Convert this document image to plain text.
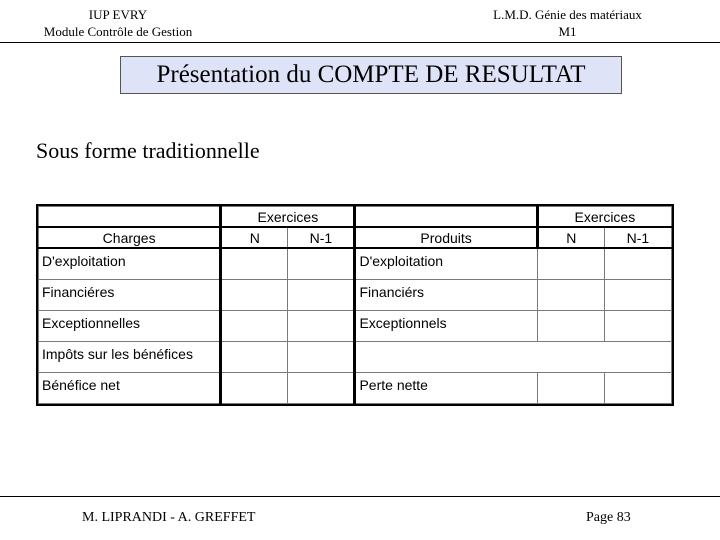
IUP EVRY
Module Contrôle de Gestion
L.M.D. Génie des matériaux
M1
Présentation du COMPTE DE RESULTAT
Sous forme traditionnelle
	Exercices			Exercices	
Charges	N	N-1	Produits	N	N-1
D'exploitation			D'exploitation		
Financiéres			Financiérs		
Exceptionnelles			Exceptionnels		
Impôts sur les bénéfices					
Bénéfice net			Perte nette		
M. LIPRANDI - A. GREFFET	Page 83
